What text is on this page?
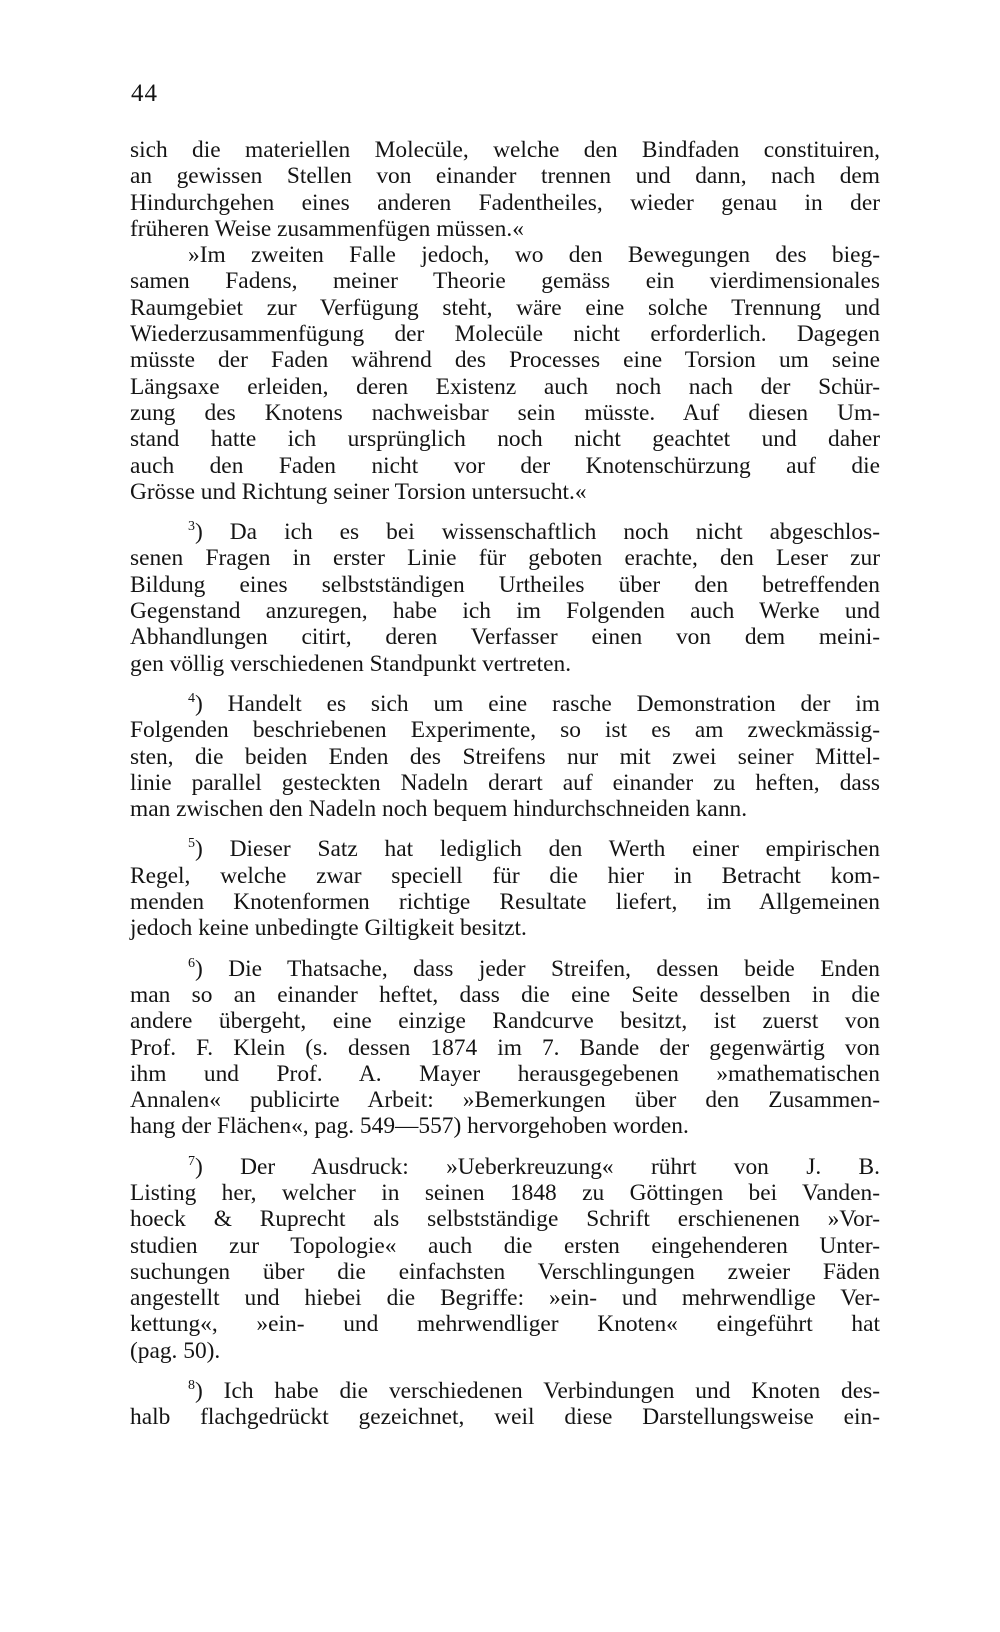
44
sich die materiellen Molecüle, welche den Bindfaden constituiren,
an gewissen Stellen von einander trennen und dann, nach dem
Hindurchgehen eines anderen Fadentheiles, wieder genau in der
früheren Weise zusammenfügen müssen.«
»Im zweiten Falle jedoch, wo den Bewegungen des bieg-
samen Fadens, meiner Theorie gemäss ein vierdimensionales
Raumgebiet zur Verfügung steht, wäre eine solche Trennung und
Wiederzusammenfügung der Molecüle nicht erforderlich. Dagegen
müsste der Faden während des Processes eine Torsion um seine
Längsaxe erleiden, deren Existenz auch noch nach der Schür-
zung des Knotens nachweisbar sein müsste. Auf diesen Um-
stand hatte ich ursprünglich noch nicht geachtet und daher
auch den Faden nicht vor der Knotenschürzung auf die
Grösse und Richtung seiner Torsion untersucht.«
$^3$) Da ich es bei wissenschaftlich noch nicht abgeschlos-
senen Fragen in erster Linie für geboten erachte, den Leser zur
Bildung eines selbstständigen Urtheiles über den betreffenden
Gegenstand anzuregen, habe ich im Folgenden auch Werke und
Abhandlungen citirt, deren Verfasser einen von dem meini-
gen völlig verschiedenen Standpunkt vertreten.
$^4$) Handelt es sich um eine rasche Demonstration der im
Folgenden beschriebenen Experimente, so ist es am zweckmässig-
sten, die beiden Enden des Streifens nur mit zwei seiner Mittel-
linie parallel gesteckten Nadeln derart auf einander zu heften, dass
man zwischen den Nadeln noch bequem hindurchschneiden kann.
$^5$) Dieser Satz hat lediglich den Werth einer empirischen
Regel, welche zwar speciell für die hier in Betracht kom-
menden Knotenformen richtige Resultate liefert, im Allgemeinen
jedoch keine unbedingte Giltigkeit besitzt.
$^6$) Die Thatsache, dass jeder Streifen, dessen beide Enden
man so an einander heftet, dass die eine Seite desselben in die
andere übergeht, eine einzige Randcurve besitzt, ist zuerst von
Prof. F. Klein (s. dessen 1874 im 7. Bande der gegenwärtig von
ihm und Prof. A. Mayer herausgegebenen »mathematischen
Annalen« publicirte Arbeit: »Bemerkungen über den Zusammen-
hang der Flächen«, pag. 549—557) hervorgehoben worden.
$^7$) Der Ausdruck: »Ueberkreuzung« rührt von J. B.
Listing her, welcher in seinen 1848 zu Göttingen bei Vanden-
hoeck & Ruprecht als selbstständige Schrift erschienenen »Vor-
studien zur Topologie« auch die ersten eingehenderen Unter-
suchungen über die einfachsten Verschlingungen zweier Fäden
angestellt und hiebei die Begriffe: »ein- und mehrwendlige Ver-
kettung«, »ein- und mehrwendliger Knoten« eingeführt hat
(pag. 50).
$^8$) Ich habe die verschiedenen Verbindungen und Knoten des-
halb flachgedrückt gezeichnet, weil diese Darstellungsweise ein-
